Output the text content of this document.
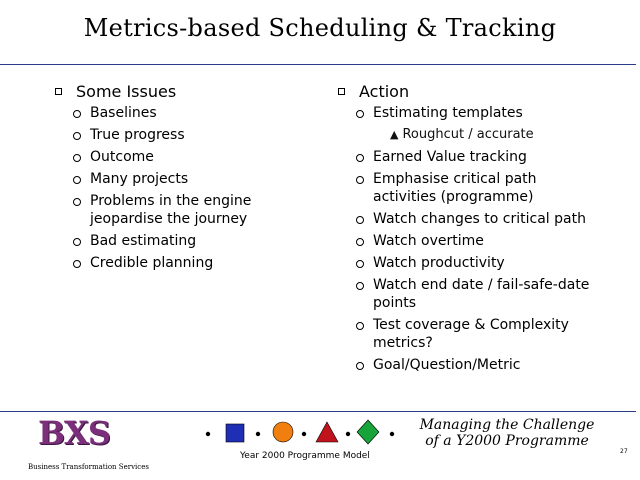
Metrics-based Scheduling & Tracking
Some Issues
Baselines
True progress
Outcome
Many projects
Problems in the engine jeopardise the journey
Bad estimating
Credible planning
Action
Estimating templates
▲ Roughcut / accurate
Earned Value tracking
Emphasise critical path activities (programme)
Watch changes to critical path
Watch overtime
Watch productivity
Watch end date / fail-safe-date points
Test coverage & Complexity metrics?
Goal/Question/Metric
BXS
Business Transformation Services
Year 2000 Programme Model
Managing the Challenge
of a Y2000 Programme
27
